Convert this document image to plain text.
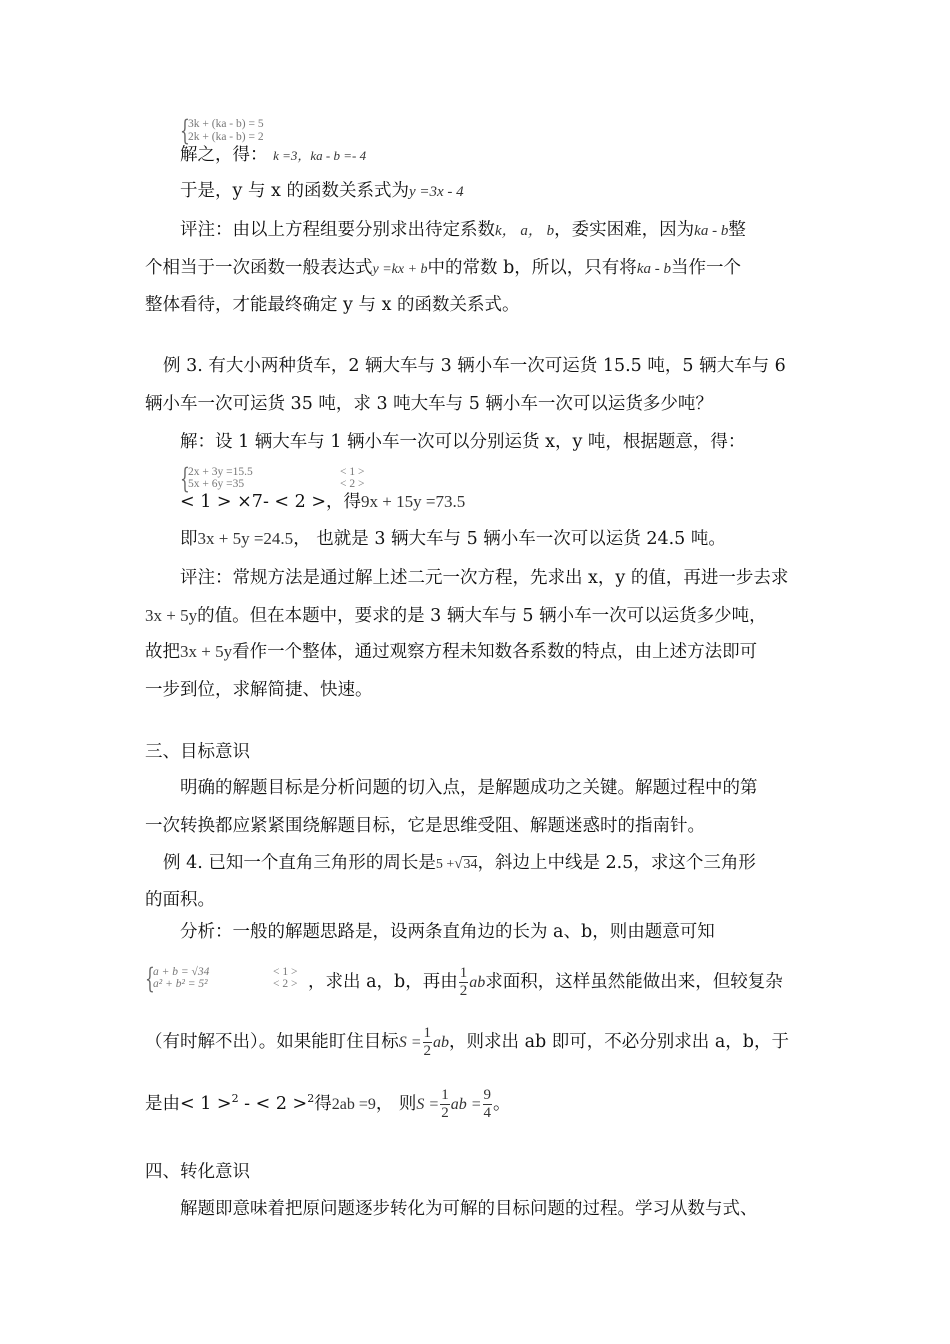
{
3k + (ka - b) = 5
2k + (ka - b) = 2
解之，得： k =3，ka - b =- 4
于是，y 与 x 的函数关系式为y =3x - 4
评注：由以上方程组要分别求出待定系数k， a， b，委实困难，因为ka - b整
个相当于一次函数一般表达式y =kx + b中的常数 b，所以，只有将ka - b当作一个
整体看待，才能最终确定 y 与 x 的函数关系式。
例 3. 有大小两种货车，2 辆大车与 3 辆小车一次可运货 15.5 吨，5 辆大车与 6
辆小车一次可运货 35 吨，求 3 吨大车与 5 辆小车一次可以运货多少吨？
解：设 1 辆大车与 1 辆小车一次可以分别运货 x，y 吨，根据题意，得：
{
2x + 3y =15.5
5x + 6y =35
< 1 >
< 2 >
< 1 > ×7- < 2 >，得9x + 15y =73.5
即3x + 5y =24.5， 也就是 3 辆大车与 5 辆小车一次可以运货 24.5 吨。
评注：常规方法是通过解上述二元一次方程，先求出 x，y 的值，再进一步去求
3x + 5y的值。但在本题中，要求的是 3 辆大车与 5 辆小车一次可以运货多少吨，
故把3x + 5y看作一个整体，通过观察方程未知数各系数的特点，由上述方法即可
一步到位，求解简捷、快速。
三、目标意识
明确的解题目标是分析问题的切入点，是解题成功之关键。解题过程中的第
一次转换都应紧紧围绕解题目标，它是思维受阻、解题迷惑时的指南针。
例 4. 已知一个直角三角形的周长是5 +√34，斜边上中线是 2.5，求这个三角形
的面积。
分析：一般的解题思路是，设两条直角边的长为 a、b，则由题意可知
{
a + b = √34
a² + b² = 5²
< 1 >
< 2 > ，求出 a，b，再由 $\frac{1}{2}$ ab求面积，这样虽然能做出来，但较复杂
（有时解不出）。如果能盯住目标$S = \frac{1}{2}$ ab，则求出 ab 即可，不必分别求出 a，b，于
是由< 1 >$^2$ - < 2 >$^2$得2ab =9， 则$S = \frac{1}{2}$ ab = $\frac{9}{4}$ 。
四、转化意识
解题即意味着把原问题逐步转化为可解的目标问题的过程。学习从数与式、
